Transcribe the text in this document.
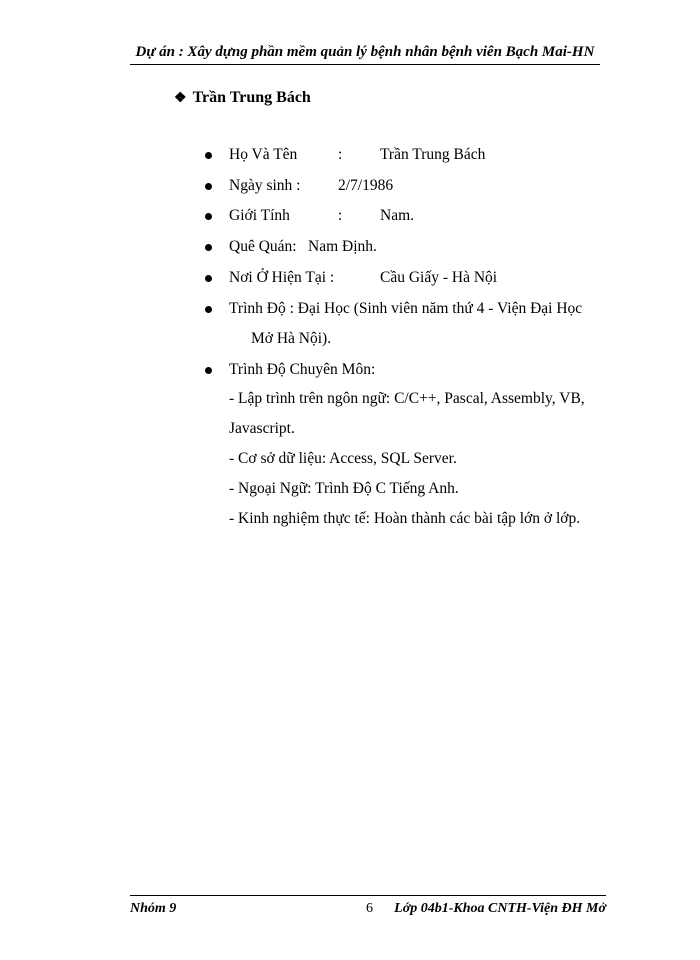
Dự án : Xây dựng phần mềm quản lý bệnh nhân bệnh viên Bạch Mai-HN
❖ Trần Trung Bách
Họ Và Tên	: Trần Trung Bách
Ngày sinh : 2/7/1986
Giới Tính	: Nam.
Quê Quán: Nam Định.
Nơi Ở Hiện Tại :	Cầu Giấy - Hà Nội
Trình Độ : Đại Học (Sinh viên năm thứ 4 - Viện Đại Học
Mở Hà Nội).
Trình Độ Chuyên Môn:
- Lập trình trên ngôn ngữ: C/C++, Pascal, Assembly, VB,
Javascript.
- Cơ sở dữ liệu: Access, SQL Server.
- Ngoại Ngữ: Trình Độ C Tiếng Anh.
- Kinh nghiệm thực tế: Hoàn thành các bài tập lớn ở lớp.
Nhóm 9	6 Lớp 04b1-Khoa CNTH-Viện ĐH Mở
